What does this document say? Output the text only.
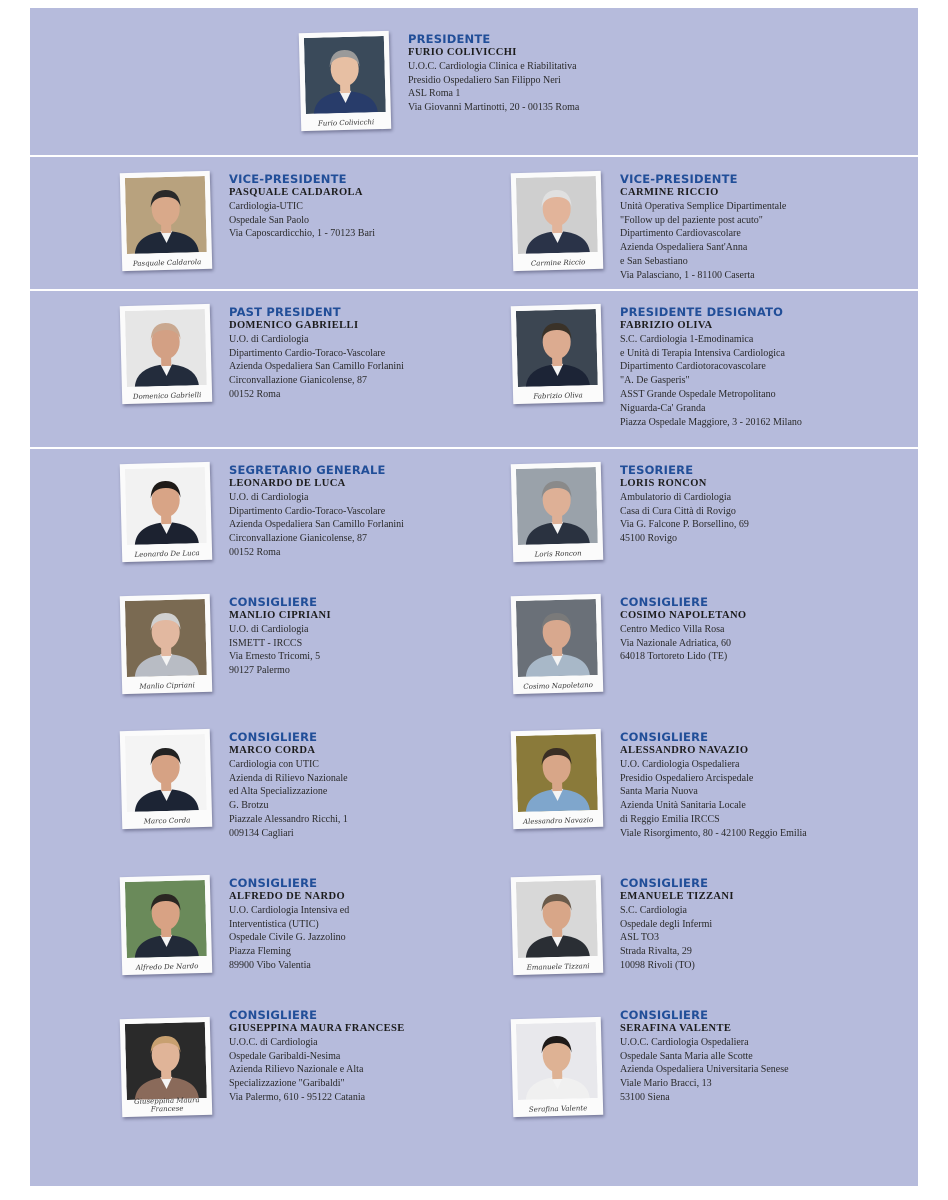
Furio Colivicchi
PRESIDENTE
FURIO COLIVICCHI
U.O.C. Cardiologia Clinica e Riabilitativa
Presidio Ospedaliero San Filippo Neri
ASL Roma 1
Via Giovanni Martinotti, 20 - 00135 Roma
Pasquale Caldarola
VICE-PRESIDENTE
PASQUALE CALDAROLA
Cardiologia-UTIC
Ospedale San Paolo
Via Caposcardicchio, 1 - 70123 Bari
Carmine Riccio
VICE-PRESIDENTE
CARMINE RICCIO
Unità Operativa Semplice Dipartimentale
"Follow up del paziente post acuto"
Dipartimento Cardiovascolare
Azienda Ospedaliera Sant'Anna
e San Sebastiano
Via Palasciano, 1 - 81100 Caserta
Domenico Gabrielli
PAST PRESIDENT
DOMENICO GABRIELLI
U.O. di Cardiologia
Dipartimento Cardio-Toraco-Vascolare
Azienda Ospedaliera San Camillo Forlanini
Circonvallazione Gianicolense, 87
00152 Roma	Fabrizio Oliva
PRESIDENTE DESIGNATO
FABRIZIO OLIVA
S.C. Cardiologia 1-Emodinamica
e Unità di Terapia Intensiva Cardiologica
Dipartimento Cardiotoracovascolare
"A. De Gasperis"
ASST Grande Ospedale Metropolitano
Niguarda-Ca' Granda
Piazza Ospedale Maggiore, 3 - 20162 Milano
Leonardo De Luca
SEGRETARIO GENERALE
LEONARDO DE LUCA
U.O. di Cardiologia
Dipartimento Cardio-Toraco-Vascolare
Azienda Ospedaliera San Camillo Forlanini
Circonvallazione Gianicolense, 87
00152 Roma	Loris Roncon
TESORIERE
LORIS RONCON
Ambulatorio di Cardiologia
Casa di Cura Città di Rovigo
Via G. Falcone P. Borsellino, 69
45100 Rovigo
Manlio Cipriani
CONSIGLIERE
MANLIO CIPRIANI
U.O. di Cardiologia
ISMETT - IRCCS
Via Ernesto Tricomi, 5
90127 Palermo
Cosimo Napoletano
CONSIGLIERE
COSIMO NAPOLETANO
Centro Medico Villa Rosa
Via Nazionale Adriatica, 60
64018 Tortoreto Lido (TE)
Marco Corda
CONSIGLIERE
MARCO CORDA
Cardiologia con UTIC
Azienda di Rilievo Nazionale
ed Alta Specializzazione
G. Brotzu
Piazzale Alessandro Ricchi, 1
009134 Cagliari
Alessandro Navazio
CONSIGLIERE
ALESSANDRO NAVAZIO
U.O. Cardiologia Ospedaliera
Presidio Ospedaliero Arcispedale
Santa Maria Nuova
Azienda Unità Sanitaria Locale
di Reggio Emilia IRCCS
Viale Risorgimento, 80 - 42100 Reggio Emilia
Alfredo De Nardo
CONSIGLIERE
ALFREDO DE NARDO
U.O. Cardiologia Intensiva ed
Interventistica (UTIC)
Ospedale Civile G. Jazzolino
Piazza Fleming
89900 Vibo Valentia	Emanuele Tizzani
CONSIGLIERE
EMANUELE TIZZANI
S.C. Cardiologia
Ospedale degli Infermi
ASL TO3
Strada Rivalta, 29
10098 Rivoli (TO)
Giuseppina Maura Francese
CONSIGLIERE
GIUSEPPINA MAURA FRANCESE
U.O.C. di Cardiologia
Ospedale Garibaldi-Nesima
Azienda Rilievo Nazionale e Alta
Specializzazione "Garibaldi"
Via Palermo, 610 - 95122 Catania
Serafina Valente
CONSIGLIERE
SERAFINA VALENTE
U.O.C. Cardiologia Ospedaliera
Ospedale Santa Maria alle Scotte
Azienda Ospedaliera Universitaria Senese
Viale Mario Bracci, 13
53100 Siena
